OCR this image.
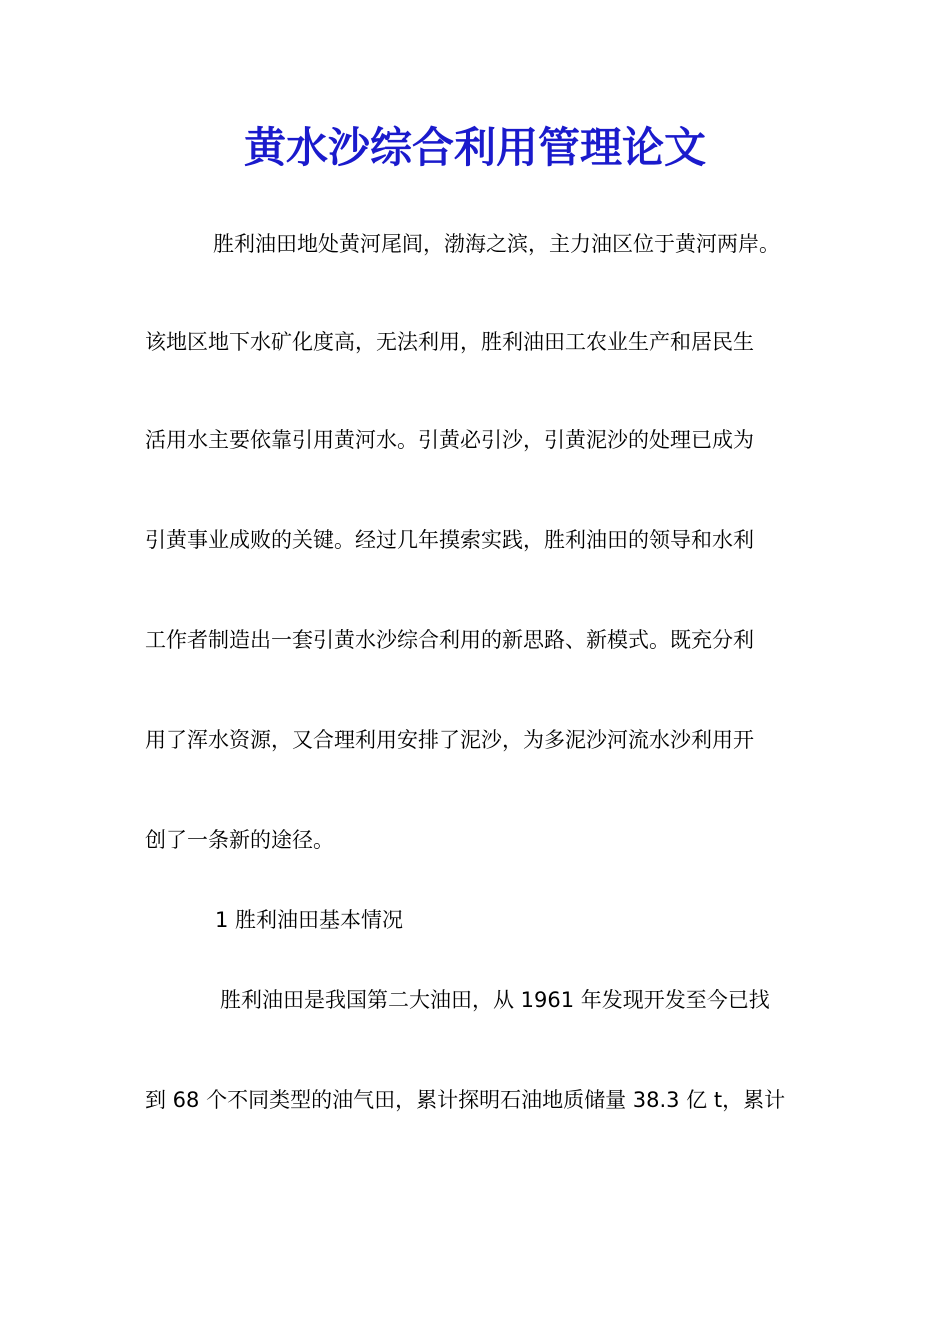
黄水沙综合利用管理论文

胜利油田地处黄河尾闾，渤海之滨，主力油区位于黄河两岸。

该地区地下水矿化度高，无法利用，胜利油田工农业生产和居民生

活用水主要依靠引用黄河水。引黄必引沙，引黄泥沙的处理已成为

引黄事业成败的关键。经过几年摸索实践，胜利油田的领导和水利

工作者制造出一套引黄水沙综合利用的新思路、新模式。既充分利

用了浑水资源，又合理利用安排了泥沙，为多泥沙河流水沙利用开

创了一条新的途径。

1 胜利油田基本情况

胜利油田是我国第二大油田，从 1961 年发现开发至今已找

到 68 个不同类型的油气田，累计探明石油地质储量 38.3 亿 t，累计
